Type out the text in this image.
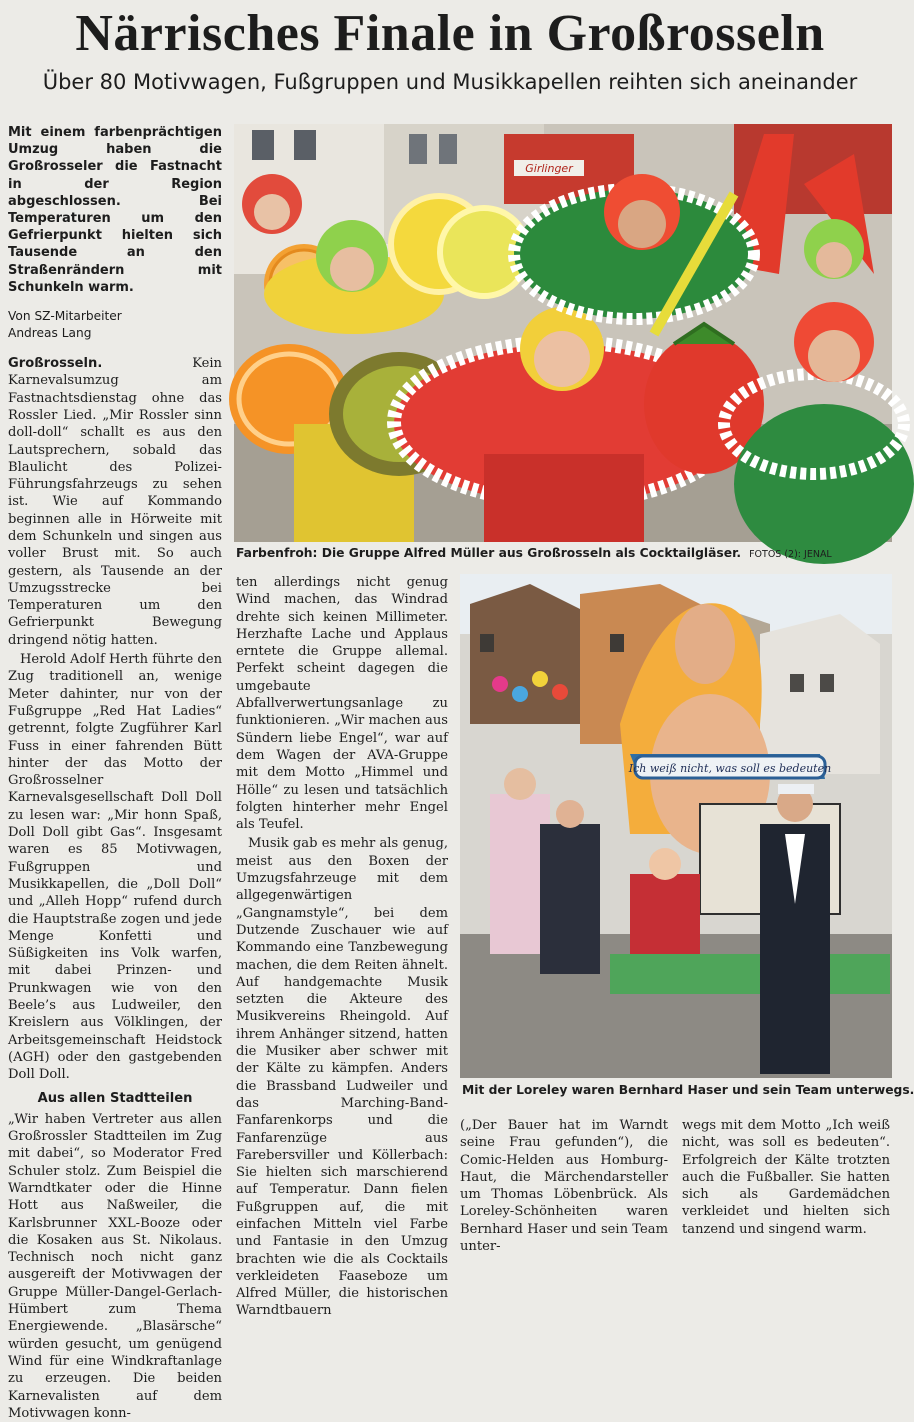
Närrisches Finale in Großrosseln
Über 80 Motivwagen, Fußgruppen und Musikkapellen reihten sich aneinander

Mit einem farbenprächtigen Umzug haben die Großrosseler die Fastnacht in der Region abgeschlossen. Bei Temperaturen um den Gefrierpunkt hielten sich Tausende an den Straßenrändern mit Schunkeln warm.

Von SZ-Mitarbeiter
Andreas Lang

Großrosseln.	Kein Karnevalsumzug am Fastnachtsdienstag ohne das Rossler Lied. „Mir Rossler sinn doll-doll“ schallt es aus den Lautsprechern, sobald das Blaulicht des Polizei-Führungsfahrzeugs zu sehen ist. Wie auf Kommando beginnen alle in Hörweite mit dem Schunkeln und singen aus voller Brust mit. So auch gestern, als Tausende an der Umzugsstrecke bei Temperaturen um den Gefrierpunkt Bewegung dringend nötig hatten.

Herold Adolf Herth führte den Zug traditionell an, wenige Meter dahinter, nur von der Fußgruppe „Red Hat Ladies“ getrennt, folgte Zugführer Karl Fuss in einer fahrenden Bütt hinter der das Motto der Großrosselner Karnevalsgesellschaft Doll Doll zu lesen war: „Mir honn Spaß, Doll Doll gibt Gas“. Insgesamt waren es 85 Motivwagen, Fußgruppen und Musikkapellen, die „Doll Doll“ und „Alleh Hopp“ rufend durch die Hauptstraße zogen und jede Menge Konfetti und Süßigkeiten ins Volk warfen, mit dabei Prinzen- und Prunkwagen wie von den Beele’s aus Ludweiler, den Kreislern aus Völklingen, der Arbeitsgemeinschaft Heidstock (AGH) oder den gastgebenden Doll Doll.

Aus allen Stadtteilen

„Wir haben Vertreter aus allen Großrossler Stadtteilen im Zug mit dabei“, so Moderator Fred Schuler stolz. Zum Beispiel die Warndtkater oder die Hinne Hott aus Naßweiler, die Karlsbrunner XXL-Booze oder die Kosaken aus St. Nikolaus. Technisch noch nicht ganz ausgereift der Motivwagen der Gruppe Müller-Dangel-Gerlach-Hümbert zum Thema Energiewende. „Blasärsche“ würden gesucht, um genügend Wind für eine Windkraftanlage zu erzeugen. Die beiden Karnevalisten auf dem Motivwagen konn-

Girlinger
Farbenfroh: Die Gruppe Alfred Müller aus Großrosseln als Cocktailgläser. FOTOS (2): JENAL

ten allerdings nicht genug Wind machen, das Windrad drehte sich keinen Millimeter. Herzhafte Lache und Applaus erntete die Gruppe allemal. Perfekt scheint dagegen die umgebaute Abfallverwertungsanlage zu funktionieren. „Wir machen aus Sündern liebe Engel“, war auf dem Wagen der AVA-Gruppe mit dem Motto „Himmel und Hölle“ zu lesen und tatsächlich folgten hinterher mehr Engel als Teufel.

Musik gab es mehr als genug, meist aus den Boxen der Umzugsfahrzeuge mit dem allgegenwärtigen „Gangnamstyle“, bei dem Dutzende Zuschauer wie auf Kommando eine Tanzbewegung machen, die dem Reiten ähnelt. Auf handgemachte Musik setzten die Akteure des Musikvereins Rheingold. Auf ihrem Anhänger sitzend, hatten die Musiker aber schwer mit der Kälte zu kämpfen. Anders die Brassband Ludweiler und das Marching-Band-Fanfarenkorps und die Fanfarenzüge aus Farebersviller und Köllerbach: Sie hielten sich marschierend auf Temperatur. Dann fielen Fußgruppen auf, die mit einfachen Mitteln viel Farbe und Fantasie in den Umzug brachten wie die als Cocktails verkleideten Faaseboze um Alfred Müller, die historischen Warndtbauern

Ich weiß nicht, was soll es bedeuten
Mit der Loreley waren Bernhard Haser und sein Team unterwegs.

(„Der Bauer hat im Warndt seine Frau gefunden“), die Comic-Helden aus Homburg-Haut, die Märchendarsteller um Thomas Löbenbrück. Als Loreley-Schönheiten waren Bernhard Haser und sein Team unter-

wegs mit dem Motto „Ich weiß nicht, was soll es bedeuten“. Erfolgreich der Kälte trotzten auch die Fußballer. Sie hatten sich als Gardemädchen verkleidet und hielten sich tanzend und singend warm.
